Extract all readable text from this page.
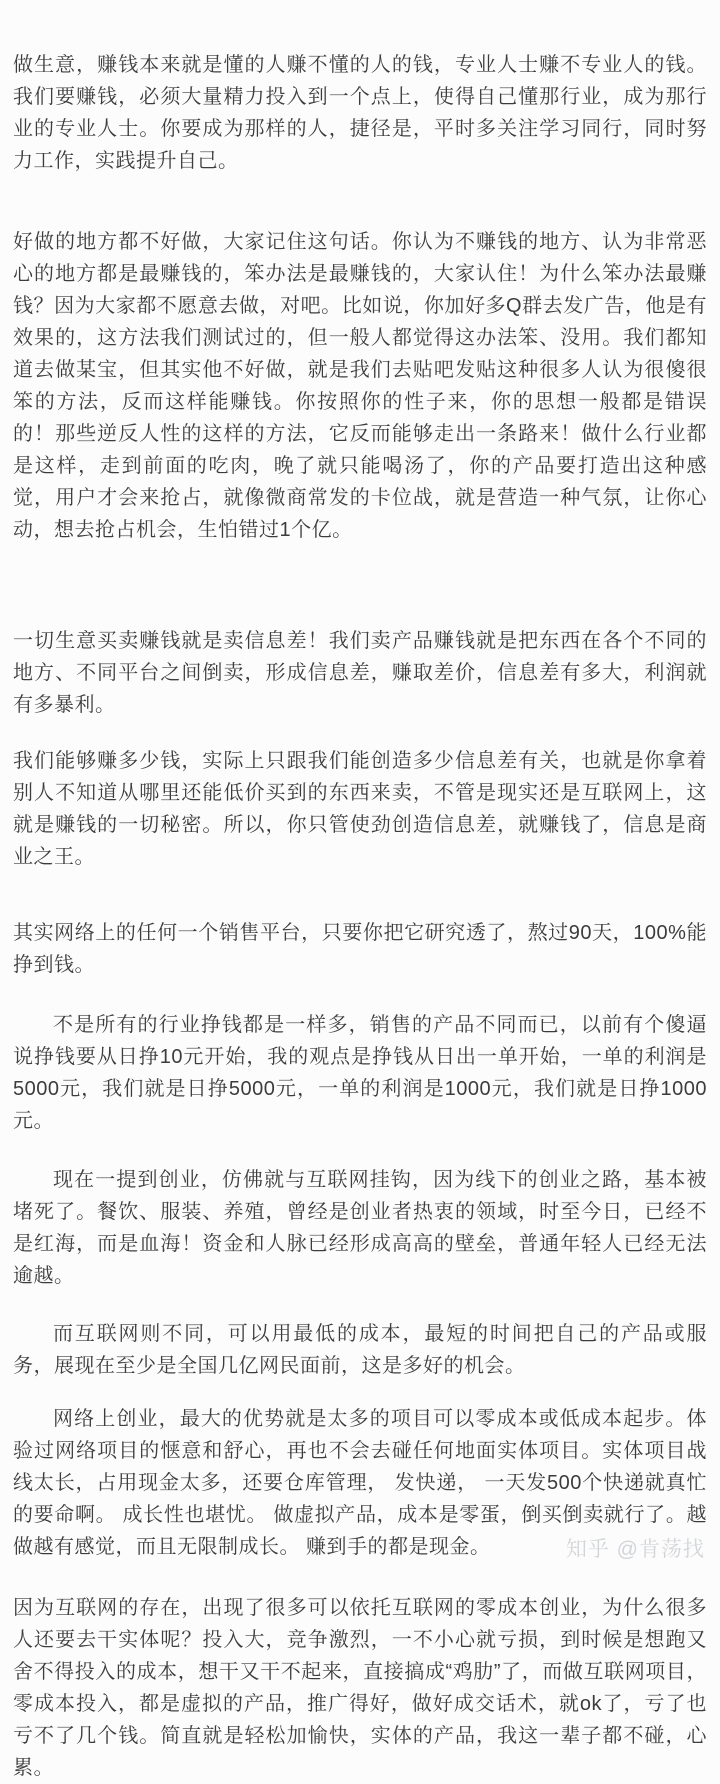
做生意，赚钱本来就是懂的人赚不懂的人的钱，专业人士赚不专业人的钱。我们要赚钱，必须大量精力投入到一个点上，使得自己懂那行业，成为那行业的专业人士。你要成为那样的人，捷径是，平时多关注学习同行，同时努力工作，实践提升自己。

好做的地方都不好做，大家记住这句话。你认为不赚钱的地方、认为非常恶心的地方都是最赚钱的，笨办法是最赚钱的，大家认住！为什么笨办法最赚钱？因为大家都不愿意去做，对吧。比如说，你加好多Q群去发广告，他是有效果的，这方法我们测试过的，但一般人都觉得这办法笨、没用。我们都知道去做某宝，但其实他不好做，就是我们去贴吧发贴这种很多人认为很傻很笨的方法，反而这样能赚钱。你按照你的性子来，你的思想一般都是错误的！那些逆反人性的这样的方法，它反而能够走出一条路来！做什么行业都是这样，走到前面的吃肉，晚了就只能喝汤了，你的产品要打造出这种感觉，用户才会来抢占，就像微商常发的卡位战，就是营造一种气氛，让你心动，想去抢占机会，生怕错过1个亿。

一切生意买卖赚钱就是卖信息差！我们卖产品赚钱就是把东西在各个不同的地方、不同平台之间倒卖，形成信息差，赚取差价，信息差有多大，利润就有多暴利。

我们能够赚多少钱，实际上只跟我们能创造多少信息差有关，也就是你拿着别人不知道从哪里还能低价买到的东西来卖，不管是现实还是互联网上，这就是赚钱的一切秘密。所以，你只管使劲创造信息差，就赚钱了，信息是商业之王。

其实网络上的任何一个销售平台，只要你把它研究透了，熬过90天，100%能挣到钱。

不是所有的行业挣钱都是一样多，销售的产品不同而已，以前有个傻逼说挣钱要从日挣10元开始，我的观点是挣钱从日出一单开始，一单的利润是5000元，我们就是日挣5000元，一单的利润是1000元，我们就是日挣1000元。

现在一提到创业，仿佛就与互联网挂钩，因为线下的创业之路，基本被堵死了。餐饮、服装、养殖，曾经是创业者热衷的领域，时至今日，已经不是红海，而是血海！资金和人脉已经形成高高的壁垒，普通年轻人已经无法逾越。

而互联网则不同，可以用最低的成本，最短的时间把自己的产品或服务，展现在至少是全国几亿网民面前，这是多好的机会。

网络上创业，最大的优势就是太多的项目可以零成本或低成本起步。体验过网络项目的惬意和舒心，再也不会去碰任何地面实体项目。实体项目战线太长，占用现金太多，还要仓库管理， 发快递， 一天发500个快递就真忙的要命啊。 成长性也堪忧。 做虚拟产品，成本是零蛋，倒买倒卖就行了。越做越有感觉，而且无限制成长。 赚到手的都是现金。

因为互联网的存在，出现了很多可以依托互联网的零成本创业，为什么很多人还要去干实体呢？投入大，竞争激烈，一不小心就亏损，到时候是想跑又舍不得投入的成本，想干又干不起来，直接搞成“鸡肋”了，而做互联网项目，零成本投入，都是虚拟的产品，推广得好，做好成交话术，就ok了，亏了也亏不了几个钱。简直就是轻松加愉快，实体的产品，我这一辈子都不碰，心累。

知乎 @肯荡找
